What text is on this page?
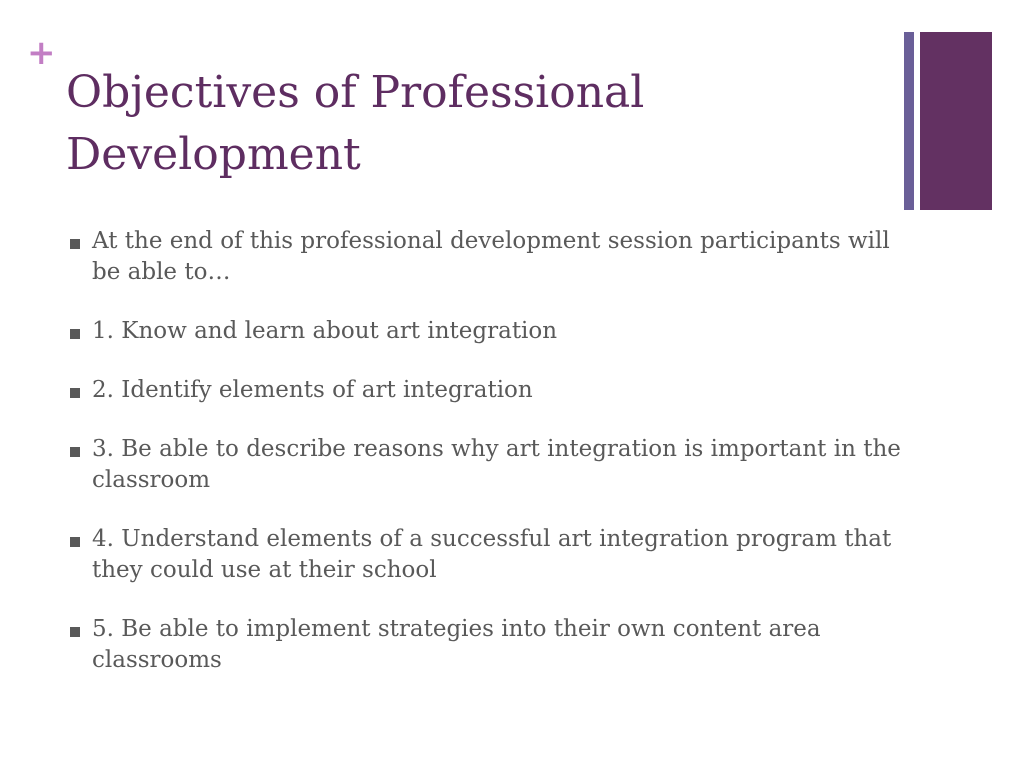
+
Objectives of Professional Development
At the end of this professional development session participants will be able to…
1. Know and learn about art integration
2. Identify elements of art integration
3. Be able to describe reasons why art integration is important in the classroom
4. Understand elements of a successful art integration program that they could use at their school
5. Be able to implement strategies into their own content area classrooms
